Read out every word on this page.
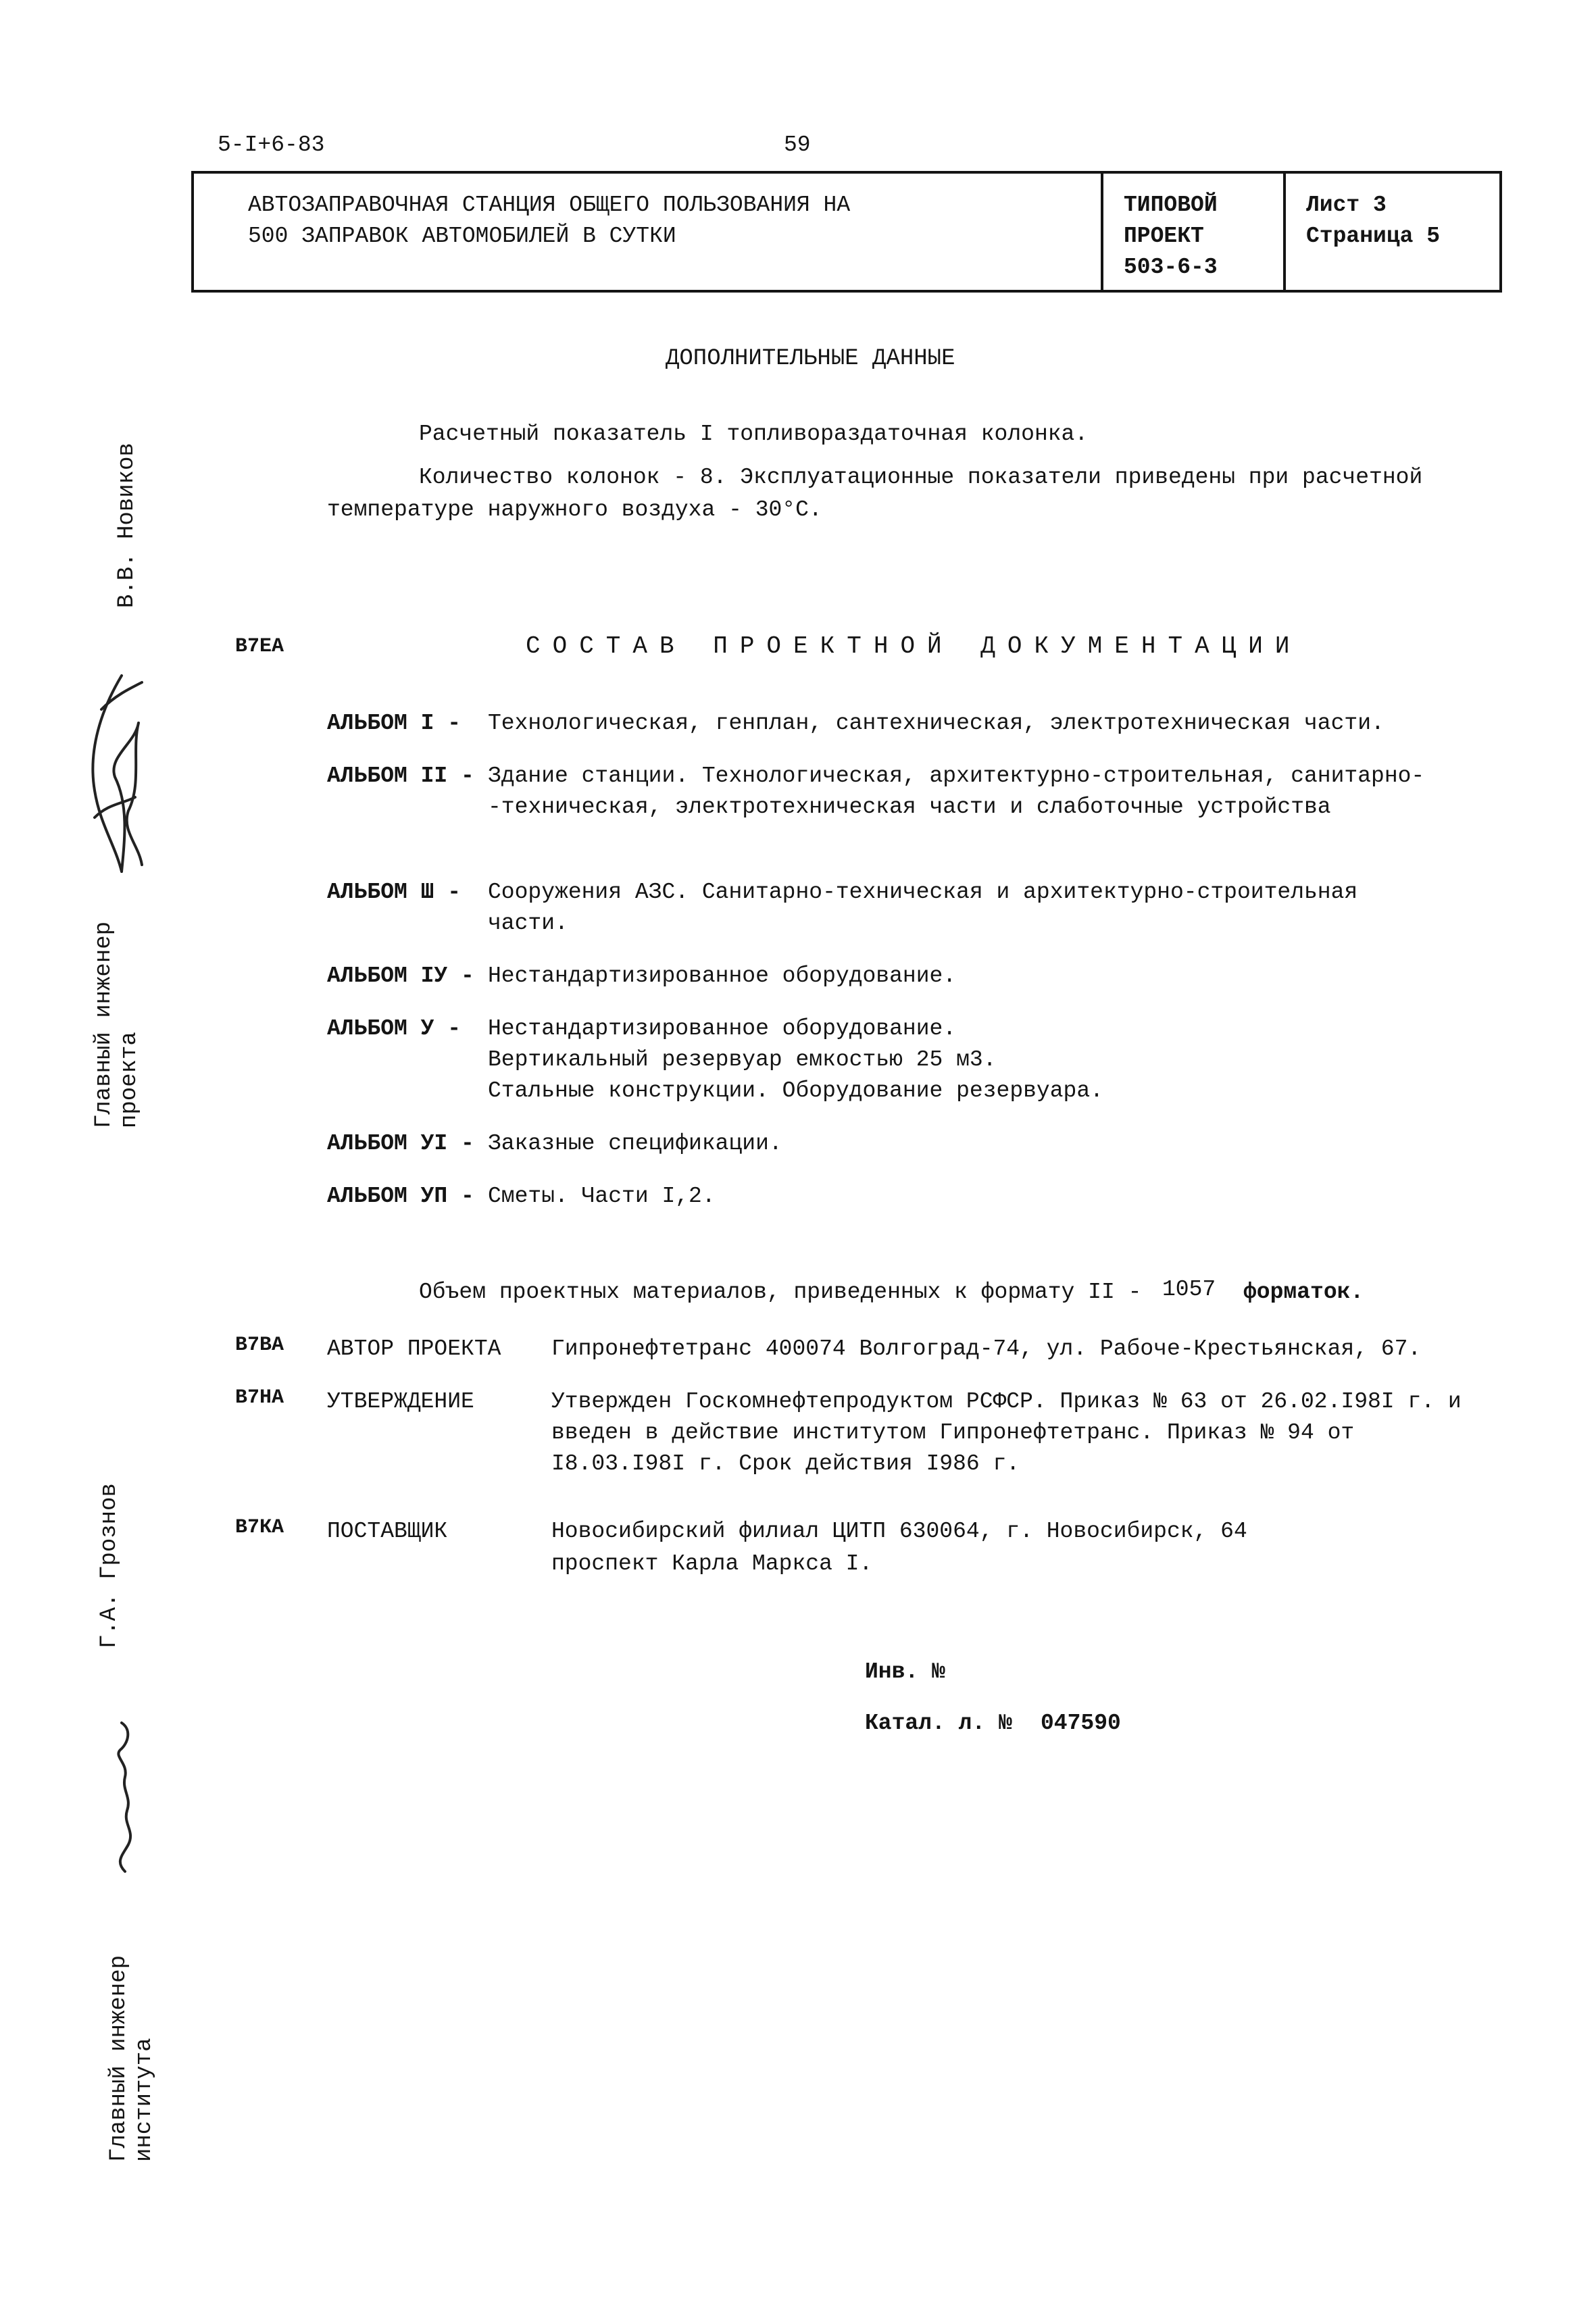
5-I+6-83	59
АВТОЗАПРАВОЧНАЯ СТАНЦИЯ ОБЩЕГО ПОЛЬЗОВАНИЯ НА
500 ЗАПРАВОК АВТОМОБИЛЕЙ В СУТКИ
ТИПОВОЙ
ПРОЕКТ
503-6-3
Лист 3
Страница 5
ДОПОЛНИТЕЛЬНЫЕ ДАННЫЕ
Расчетный показатель I топливораздаточная колонка.
Количество колонок - 8. Эксплуатационные показатели приведены при расчетной
температуре наружного воздуха - 30°С.
В7ЕА	СОСТАВ ПРОЕКТНОЙ ДОКУМЕНТАЦИИ
АЛЬБОМ I - Технологическая, генплан, сантехническая, электротехническая части.
АЛЬБОМ II - Здание станции. Технологическая, архитектурно-строительная, санитарно-
-техническая, электротехническая части и слаботочные устройства
АЛЬБОМ Ш - Сооружения АЗС. Санитарно-техническая и архитектурно-строительная
части.
АЛЬБОМ IУ - Нестандартизированное оборудование.
АЛЬБОМ У - Нестандартизированное оборудование.
Вертикальный резервуар емкостью 25 м3.
Стальные конструкции. Оборудование резервуара.
АЛЬБОМ УI - Заказные спецификации.
АЛЬБОМ УП - Сметы. Части I,2.
Объем проектных материалов, приведенных к формату II - 1057 форматок.
В7ВА АВТОР ПРОЕКТА Гипронефтетранс 400074 Волгоград-74, ул. Рабоче-Крестьянская, 67.
В7НА УТВЕРЖДЕНИЕ	Утвержден Госкомнефтепродуктом РСФСР. Приказ № 63 от 26.02.I98I г. и
введен в действие институтом Гипронефтетранс. Приказ № 94 от
I8.03.I98I г. Срок действия I986 г.
В7КА ПОСТАВЩИК	Новосибирский филиал ЦИТП 630064, г. Новосибирск, 64
проспект Карла Маркса I.
Инв. №
Катал. л. № 047590
В.В. Новиков
Главный инженер проекта
Г.А. Грознов
Главный инженер института
